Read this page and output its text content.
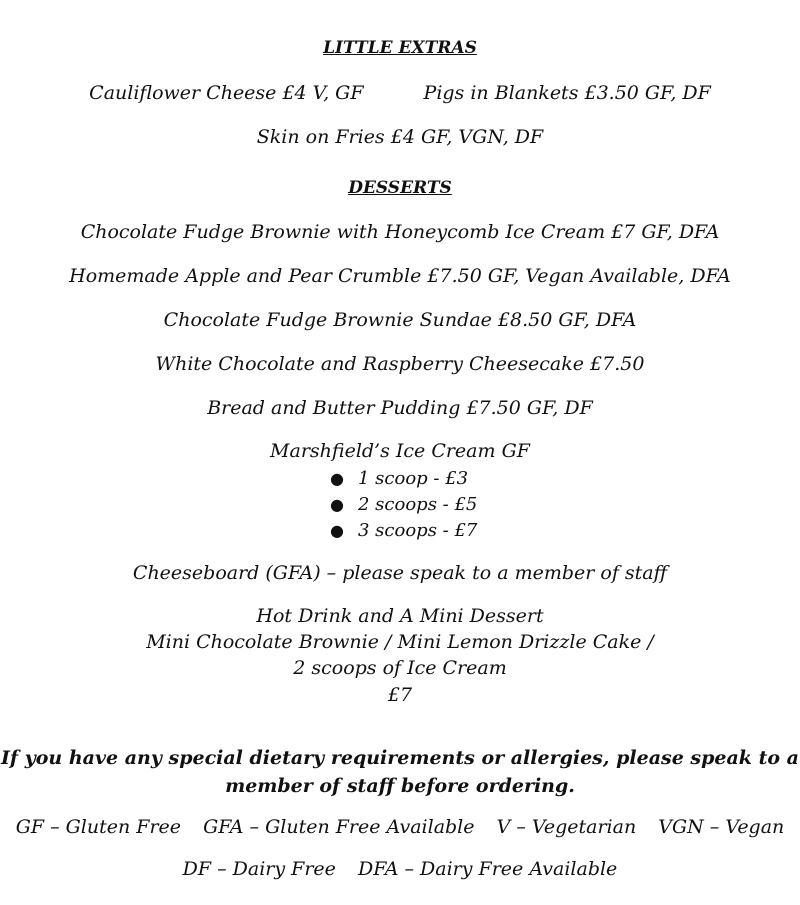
LITTLE EXTRAS
Cauliflower Cheese £4 V, GF	Pigs in Blankets £3.50 GF, DF
Skin on Fries £4 GF, VGN, DF
DESSERTS
Chocolate Fudge Brownie with Honeycomb Ice Cream £7 GF, DFA
Homemade Apple and Pear Crumble £7.50 GF, Vegan Available, DFA
Chocolate Fudge Brownie Sundae £8.50 GF, DFA
White Chocolate and Raspberry Cheesecake £7.50
Bread and Butter Pudding £7.50 GF, DF
Marshfield’s Ice Cream GF
● 1 scoop - £3
● 2 scoops - £5
● 3 scoops - £7
Cheeseboard (GFA) – please speak to a member of staff
Hot Drink and A Mini Dessert
Mini Chocolate Brownie / Mini Lemon Drizzle Cake /
2 scoops of Ice Cream
£7
If you have any special dietary requirements or allergies, please speak to a
member of staff before ordering.
GF – Gluten Free GFA – Gluten Free Available V – Vegetarian VGN – Vegan
DF – Dairy Free DFA – Dairy Free Available
